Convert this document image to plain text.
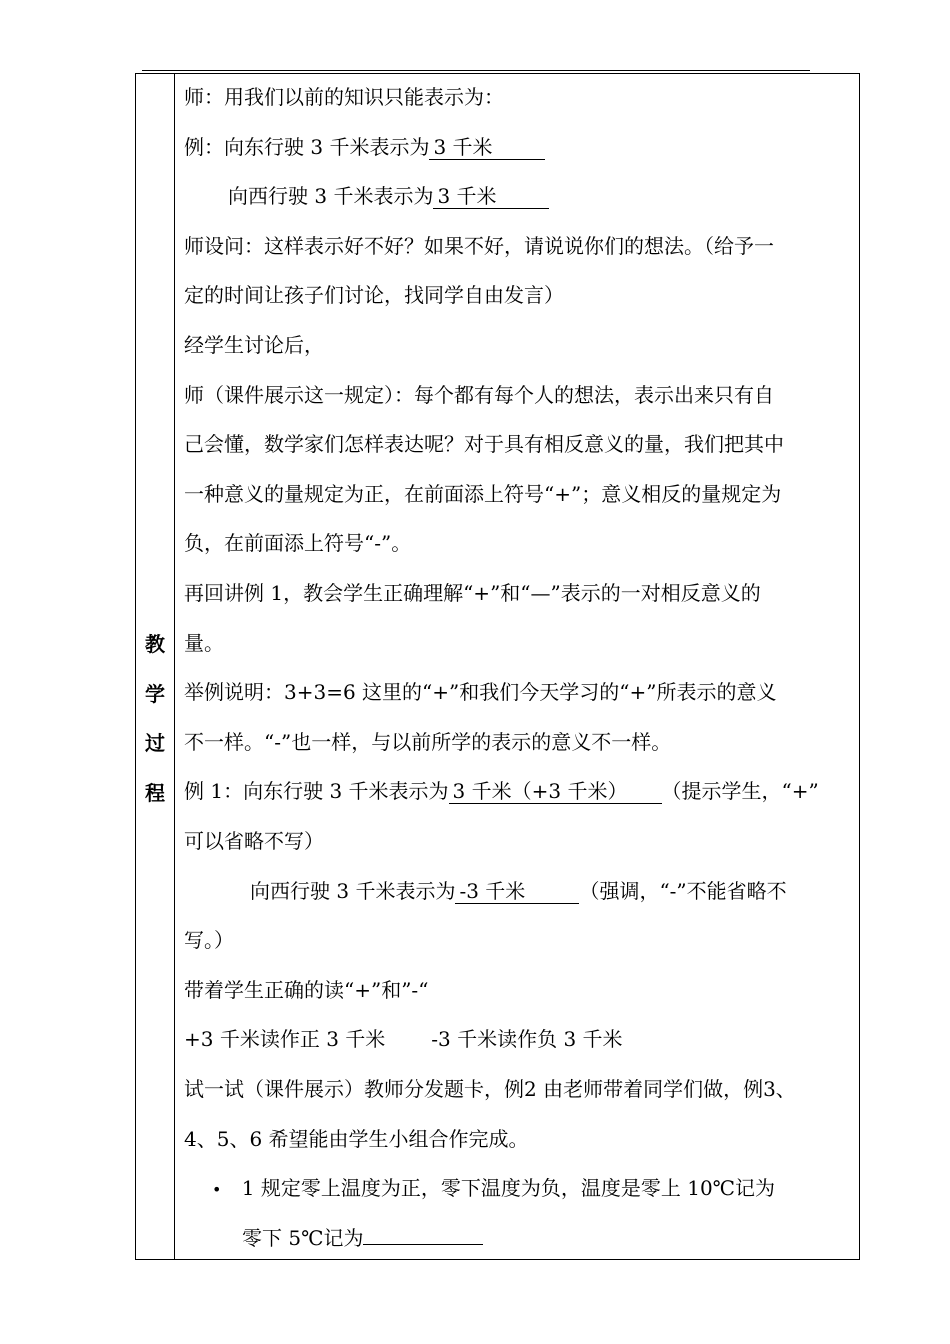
教
学
过
程
师：用我们以前的知识只能表示为：
例：向东行驶 3 千米表示为 3 千米
向西行驶 3 千米表示为 3 千米
师设问：这样表示好不好？如果不好，请说说你们的想法。（给予一
定的时间让孩子们讨论，找同学自由发言）
经学生讨论后，
师（课件展示这一规定）：每个都有每个人的想法，表示出来只有自
己会懂，数学家们怎样表达呢？对于具有相反意义的量，我们把其中
一种意义的量规定为正，在前面添上符号“+”；意义相反的量规定为
负，在前面添上符号“-”。
再回讲例 1，教会学生正确理解“+”和“—”表示的一对相反意义的
量。
举例说明：3+3=6 这里的“+”和我们今天学习的“+”所表示的意义
不一样。“-”也一样，与以前所学的表示的意义不一样。
例 1：向东行驶 3 千米表示为 3 千米（+3 千米） （提示学生，“+”
可以省略不写）
向西行驶 3 千米表示为 -3 千米	（强调，“-”不能省略不
写。）
带着学生正确的读“+”和”-“
+3 千米读作正 3 千米 -3 千米读作负 3 千米
试一试（课件展示）教师分发题卡，例2 由老师带着同学们做，例3、
4、5、6 希望能由学生小组合作完成。
• 1 规定零上温度为正，零下温度为负，温度是零上 10℃记为
零下 5℃记为
